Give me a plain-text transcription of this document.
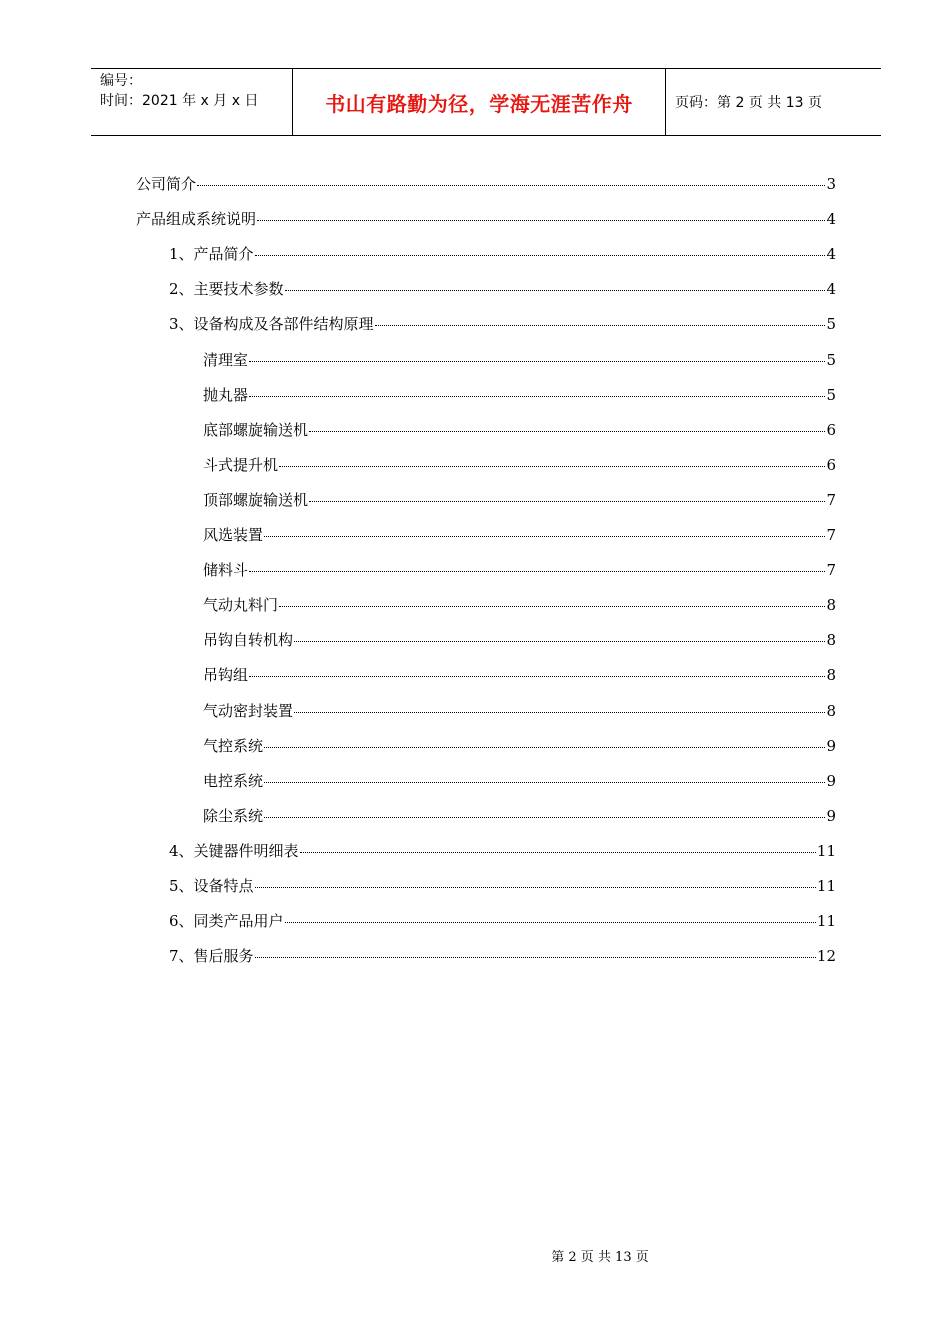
编号：
时间：2021 年 x 月 x 日	书山有路勤为径，学海无涯苦作舟	页码：第 2 页 共 13 页
公司简介	3
产品组成系统说明	4
1、产品简介	4
2、主要技术参数	4
3、设备构成及各部件结构原理	5
清理室	5
抛丸器	5
底部螺旋输送机	6
斗式提升机	6
顶部螺旋输送机	7
风选装置	7
储料斗	7
气动丸料门	8
吊钩自转机构	8
吊钩组	8
气动密封装置	8
气控系统	9
电控系统	9
除尘系统	9
4、关键器件明细表	11
5、设备特点	11
6、同类产品用户	11
7、售后服务	12
第 2 页 共 13 页
